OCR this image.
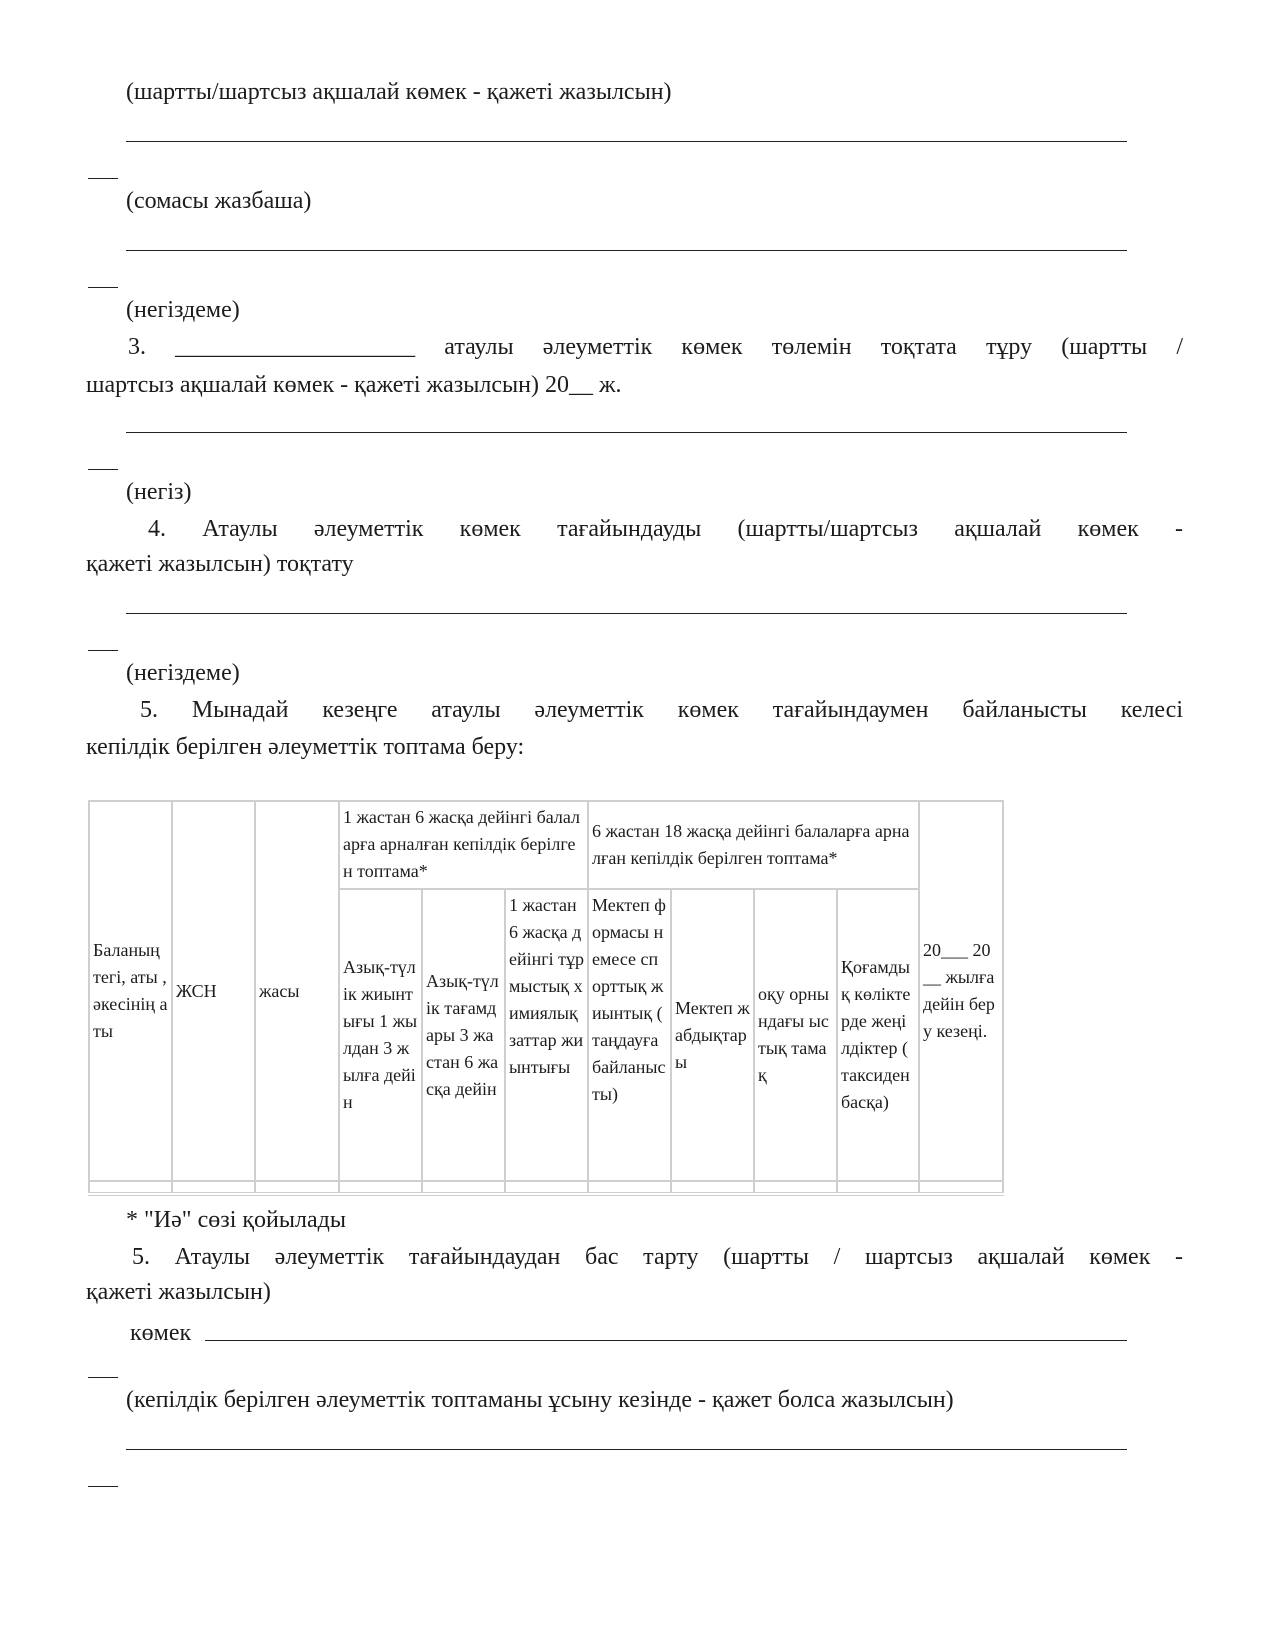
(шартты/шартсыз ақшалай көмек - қажеті жазылсын)
(сомасы жазбаша)
(негіздеме)
3. ____________________ атаулы әлеуметтік көмек төлемін тоқтата тұру (шартты /
шартсыз ақшалай көмек - қажеті жазылсын) 20__ ж.
(негіз)
4. Атаулы әлеуметтік көмек тағайындауды (шартты/шартсыз ақшалай көмек -
қажеті жазылсын) тоқтату
(негіздеме)
5. Мынадай кезеңге атаулы әлеуметтік көмек тағайындаумен байланысты келесі
кепілдік берілген әлеуметтік топтама беру:
Баланың тегі, аты , әкесінің аты	ЖСН	жасы	1 жастан 6 жасқа дейінгі балаларға арналған кепілдік берілген топтама*			6 жастан 18 жасқа дейінгі балаларға арналған кепілдік берілген топтама*				20___ 20__ жылға дейін беру кезеңі.
			Азық-түлік жиынтығы 1 жылдан 3 жылға дейін	Азық-түлік тағамдары 3 жастан 6 жасқа дейін	1 жастан 6 жасқа дейінгі тұрмыстық химиялық заттар жиынтығы	Мектеп формасы немесе спорттық жиынтық ( таңдауға байланысты)	Мектеп жабдықтары	оқу орнындағы ыстық тамақ	Қоғамдық көліктерде жеңілдіктер ( таксиден басқа)	

* "Иә" сөзі қойылады
5. Атаулы әлеуметтік тағайындаудан бас тарту (шартты / шартсыз ақшалай көмек -
қажеті жазылсын)
көмек
(кепілдік берілген әлеуметтік топтаманы ұсыну кезінде - қажет болса жазылсын)
